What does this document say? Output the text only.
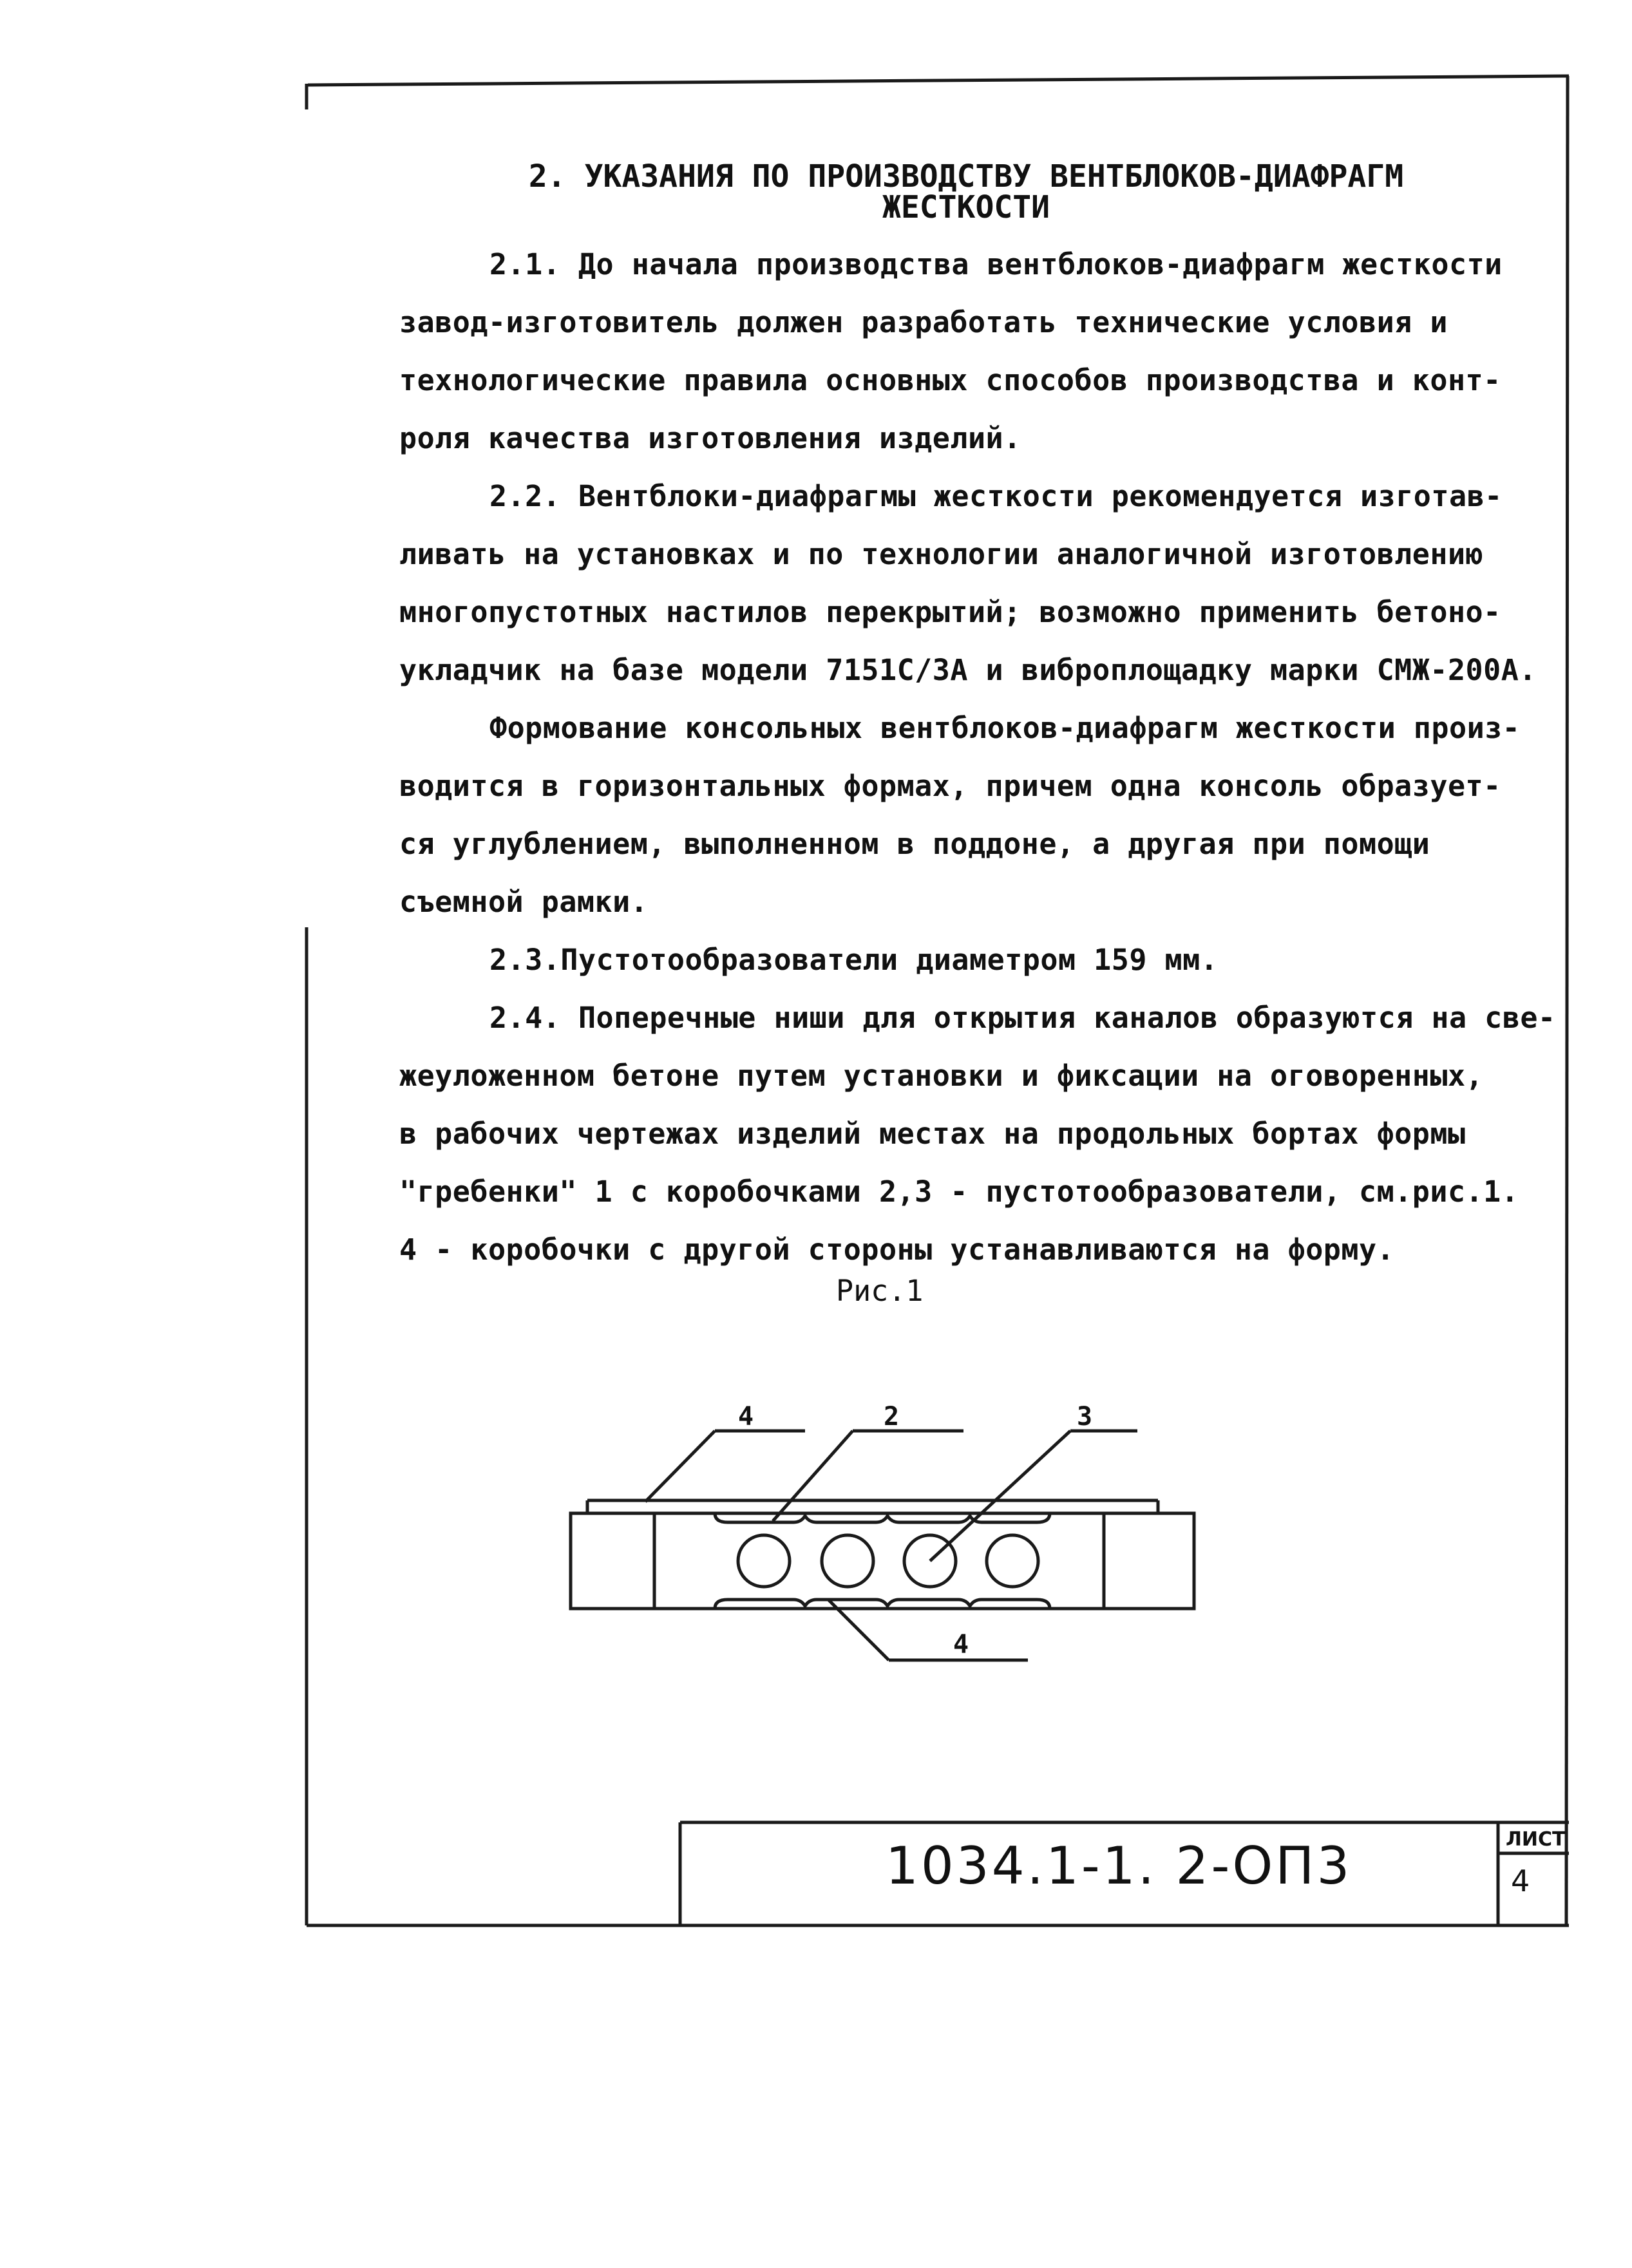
2. УКАЗАНИЯ ПО ПРОИЗВОДСТВУ ВЕНТБЛОКОВ-ДИАФРАГМ
ЖЕСТКОСТИ
2.1. До начала производства вентблоков-диафрагм жесткости
завод-изготовитель должен разработать технические условия и
технологические правила основных способов производства и конт-
роля качества изготовления изделий.
2.2. Вентблоки-диафрагмы жесткости рекомендуется изготав-
ливать на установках и по технологии аналогичной изготовлению
многопустотных настилов перекрытий; возможно применить бетоно-
укладчик на базе модели 7151С/3А и виброплощадку марки СМЖ-200А.
Формование консольных вентблоков-диафрагм жесткости произ-
водится в горизонтальных формах, причем одна консоль образует-
ся углублением, выполненном в поддоне, а другая при помощи
съемной рамки.
2.3.Пустотообразователи диаметром 159 мм.
2.4. Поперечные ниши для открытия каналов образуются на све-
жеуложенном бетоне путем установки и фиксации на оговоренных,
в рабочих чертежах изделий местах на продольных бортах формы
"гребенки" 1 с коробочками 2,3 - пустотообразователи, см.рис.1.
4 - коробочки с другой стороны устанавливаются на форму.
Рис.1
4	2	3
4
1034.1-1. 2-ОП3	ЛИСТ
4
